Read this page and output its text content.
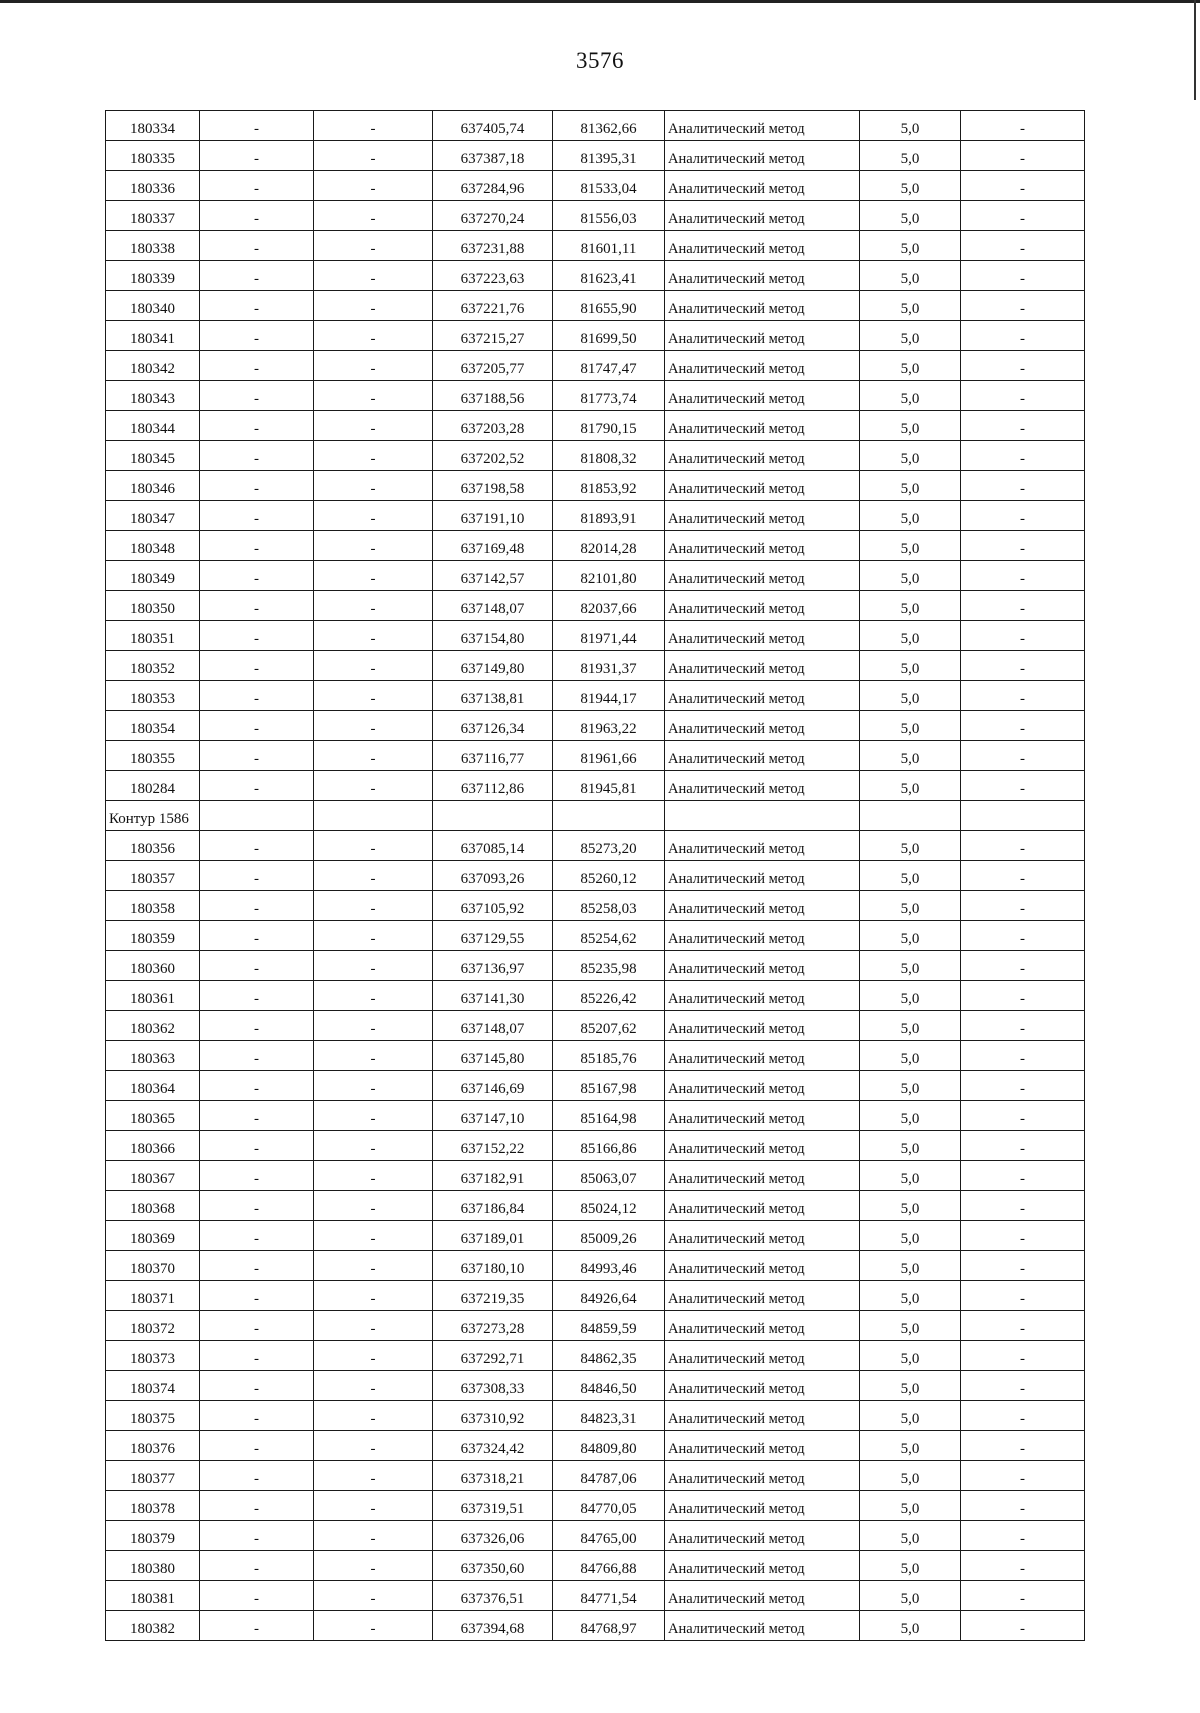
3576
180334	-	-	637405,74	81362,66	Аналитический метод	5,0	-
180335	-	-	637387,18	81395,31	Аналитический метод	5,0	-
180336	-	-	637284,96	81533,04	Аналитический метод	5,0	-
180337	-	-	637270,24	81556,03	Аналитический метод	5,0	-
180338	-	-	637231,88	81601,11	Аналитический метод	5,0	-
180339	-	-	637223,63	81623,41	Аналитический метод	5,0	-
180340	-	-	637221,76	81655,90	Аналитический метод	5,0	-
180341	-	-	637215,27	81699,50	Аналитический метод	5,0	-
180342	-	-	637205,77	81747,47	Аналитический метод	5,0	-
180343	-	-	637188,56	81773,74	Аналитический метод	5,0	-
180344	-	-	637203,28	81790,15	Аналитический метод	5,0	-
180345	-	-	637202,52	81808,32	Аналитический метод	5,0	-
180346	-	-	637198,58	81853,92	Аналитический метод	5,0	-
180347	-	-	637191,10	81893,91	Аналитический метод	5,0	-
180348	-	-	637169,48	82014,28	Аналитический метод	5,0	-
180349	-	-	637142,57	82101,80	Аналитический метод	5,0	-
180350	-	-	637148,07	82037,66	Аналитический метод	5,0	-
180351	-	-	637154,80	81971,44	Аналитический метод	5,0	-
180352	-	-	637149,80	81931,37	Аналитический метод	5,0	-
180353	-	-	637138,81	81944,17	Аналитический метод	5,0	-
180354	-	-	637126,34	81963,22	Аналитический метод	5,0	-
180355	-	-	637116,77	81961,66	Аналитический метод	5,0	-
180284	-	-	637112,86	81945,81	Аналитический метод	5,0	-
Контур 1586							
180356	-	-	637085,14	85273,20	Аналитический метод	5,0	-
180357	-	-	637093,26	85260,12	Аналитический метод	5,0	-
180358	-	-	637105,92	85258,03	Аналитический метод	5,0	-
180359	-	-	637129,55	85254,62	Аналитический метод	5,0	-
180360	-	-	637136,97	85235,98	Аналитический метод	5,0	-
180361	-	-	637141,30	85226,42	Аналитический метод	5,0	-
180362	-	-	637148,07	85207,62	Аналитический метод	5,0	-
180363	-	-	637145,80	85185,76	Аналитический метод	5,0	-
180364	-	-	637146,69	85167,98	Аналитический метод	5,0	-
180365	-	-	637147,10	85164,98	Аналитический метод	5,0	-
180366	-	-	637152,22	85166,86	Аналитический метод	5,0	-
180367	-	-	637182,91	85063,07	Аналитический метод	5,0	-
180368	-	-	637186,84	85024,12	Аналитический метод	5,0	-
180369	-	-	637189,01	85009,26	Аналитический метод	5,0	-
180370	-	-	637180,10	84993,46	Аналитический метод	5,0	-
180371	-	-	637219,35	84926,64	Аналитический метод	5,0	-
180372	-	-	637273,28	84859,59	Аналитический метод	5,0	-
180373	-	-	637292,71	84862,35	Аналитический метод	5,0	-
180374	-	-	637308,33	84846,50	Аналитический метод	5,0	-
180375	-	-	637310,92	84823,31	Аналитический метод	5,0	-
180376	-	-	637324,42	84809,80	Аналитический метод	5,0	-
180377	-	-	637318,21	84787,06	Аналитический метод	5,0	-
180378	-	-	637319,51	84770,05	Аналитический метод	5,0	-
180379	-	-	637326,06	84765,00	Аналитический метод	5,0	-
180380	-	-	637350,60	84766,88	Аналитический метод	5,0	-
180381	-	-	637376,51	84771,54	Аналитический метод	5,0	-
180382	-	-	637394,68	84768,97	Аналитический метод	5,0	-
